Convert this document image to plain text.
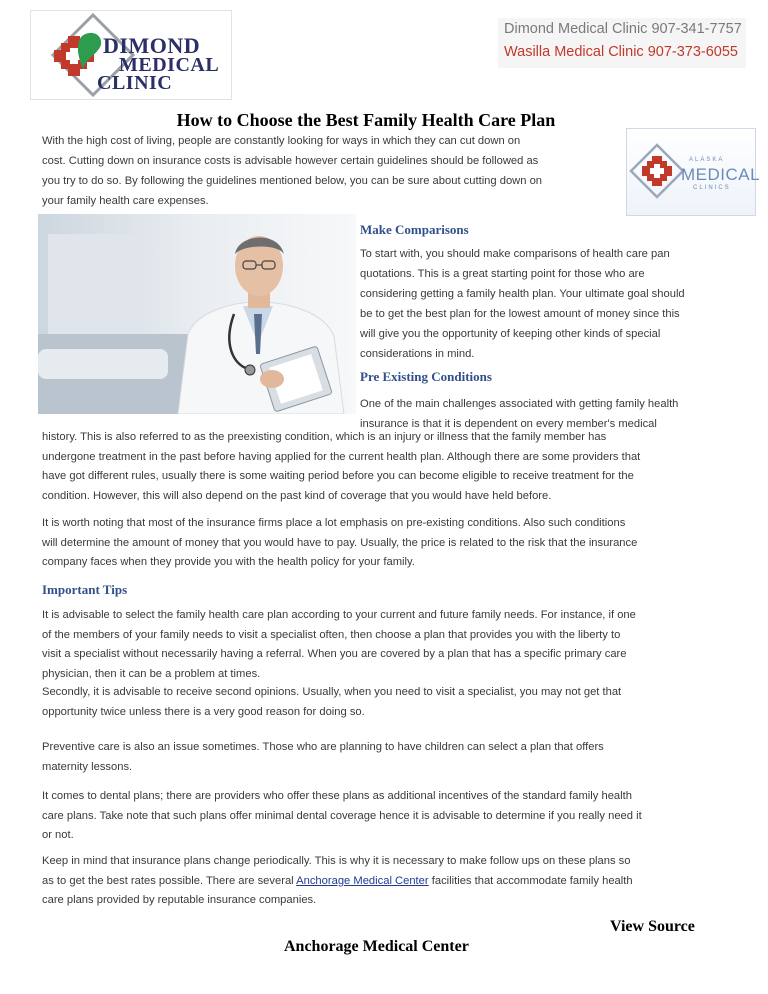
DIMOND
MEDICAL
CLINIC
Dimond Medical Clinic 907-341-7757
Wasilla Medical Clinic 907-373-6055
How to Choose the Best Family Health Care Plan
With the high cost of living, people are constantly looking for ways in which they can cut down on
cost. Cutting down on insurance costs is advisable however certain guidelines should be followed as
you try to do so. By following the guidelines mentioned below, you can be sure about cutting down on
your family health care expenses.
ALASKA
MEDICAL
CLINICS
Make Comparisons
To start with, you should make comparisons of health care pan
quotations. This is a great starting point for those who are
considering getting a family health plan. Your ultimate goal should
be to get the best plan for the lowest amount of money since this
will give you the opportunity of keeping other kinds of special
considerations in mind.
Pre Existing Conditions
One of the main challenges associated with getting family health
insurance is that it is dependent on every member's medical
history. This is also referred to as the preexisting condition, which is an injury or illness that the family member has
undergone treatment in the past before having applied for the current health plan. Although there are some providers that
have got different rules, usually there is some waiting period before you can become eligible to receive treatment for the
condition. However, this will also depend on the past kind of coverage that you would have held before.
It is worth noting that most of the insurance firms place a lot emphasis on pre-existing conditions. Also such conditions
will determine the amount of money that you would have to pay. Usually, the price is related to the risk that the insurance
company faces when they provide you with the health policy for your family.
Important Tips
It is advisable to select the family health care plan according to your current and future family needs. For instance, if one
of the members of your family needs to visit a specialist often, then choose a plan that provides you with the liberty to
visit a specialist without necessarily having a referral. When you are covered by a plan that has a specific primary care
physician, then it can be a problem at times.
Secondly, it is advisable to receive second opinions. Usually, when you need to visit a specialist, you may not get that
opportunity twice unless there is a very good reason for doing so.
Preventive care is also an issue sometimes. Those who are planning to have children can select a plan that offers
maternity lessons.
It comes to dental plans; there are providers who offer these plans as additional incentives of the standard family health
care plans. Take note that such plans offer minimal dental coverage hence it is advisable to determine if you really need it
or not.
Keep in mind that insurance plans change periodically. This is why it is necessary to make follow ups on these plans so
as to get the best rates possible. There are several Anchorage Medical Center facilities that accommodate family health
care plans provided by reputable insurance companies.
View Source
Anchorage Medical Center
